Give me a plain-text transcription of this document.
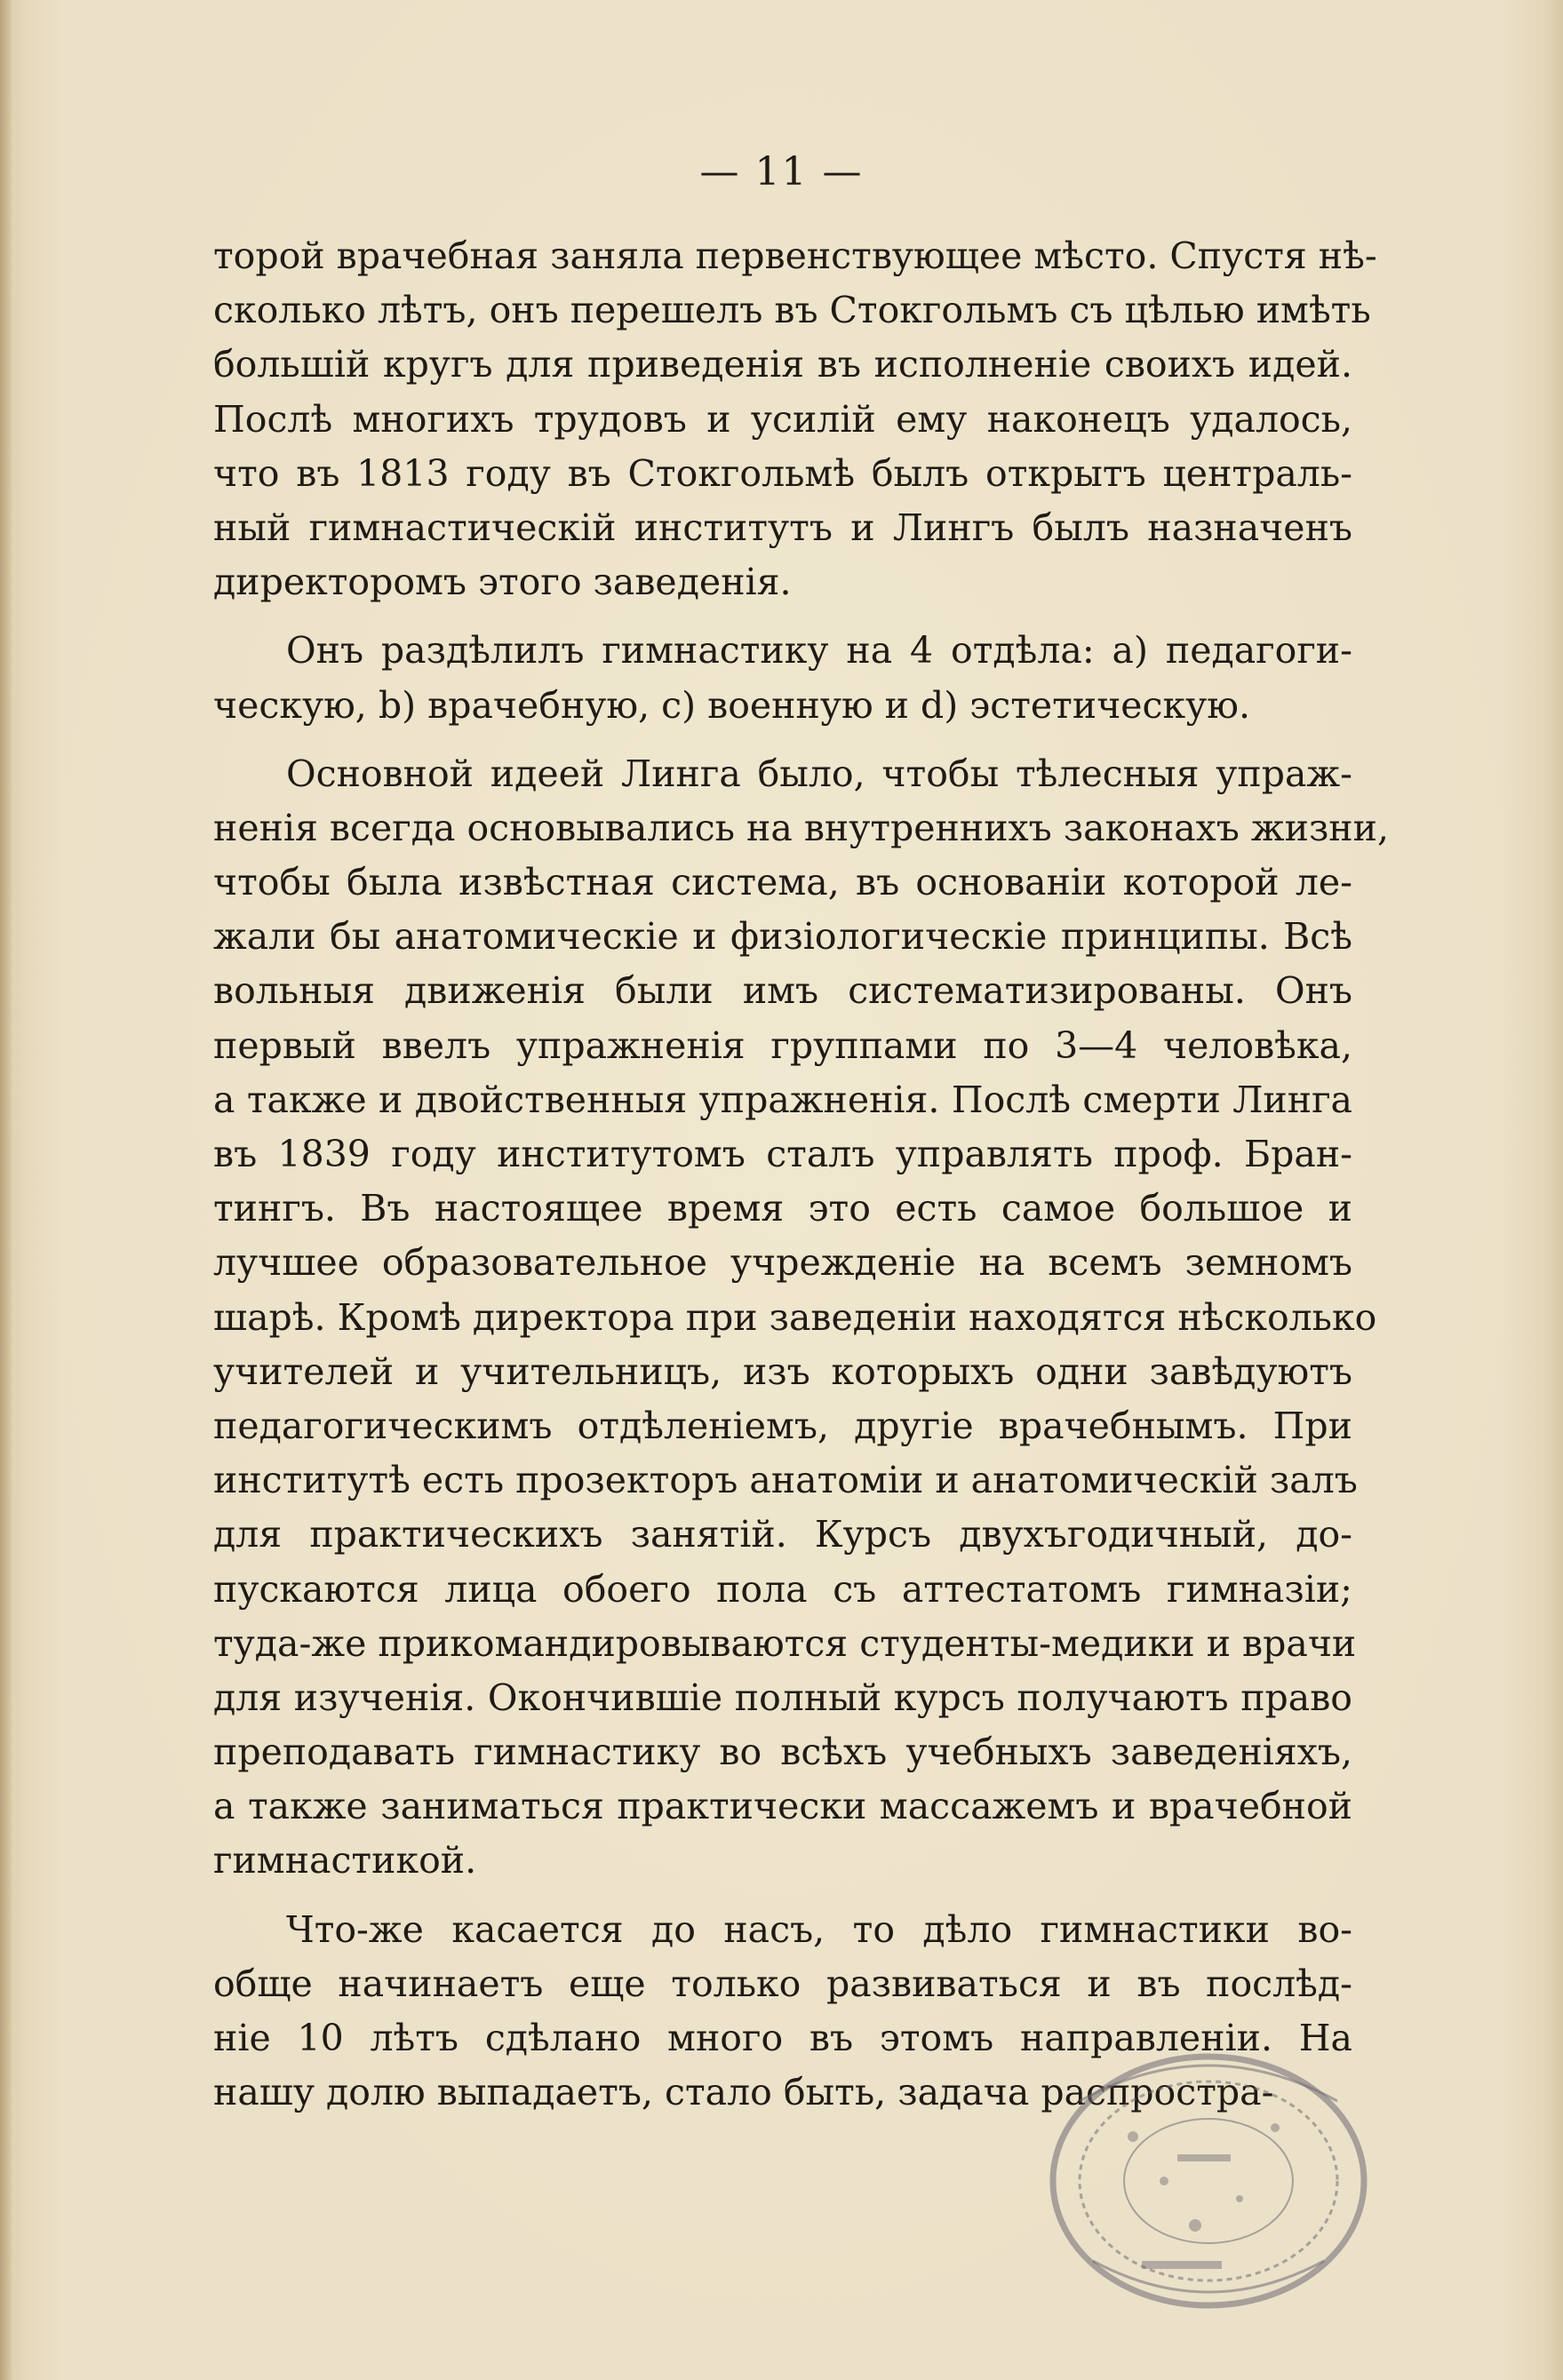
— 11 —

торой врачебная заняла первенствующее мѣсто. Спустя нѣ-
сколько лѣтъ, онъ перешелъ въ Стокгольмъ съ цѣлью имѣть
большiй кругъ для приведенiя въ исполненiе своихъ идей.
Послѣ многихъ трудовъ и усилiй ему наконецъ удалось,
что въ 1813 году въ Стокгольмѣ былъ открытъ централь-
ный гимнастическiй институтъ и Лингъ былъ назначенъ
директоромъ этого заведенiя.

Онъ раздѣлилъ гимнастику на 4 отдѣла: a) педагоги-
ческую, b) врачебную, c) военную и d) эстетическую.

Основной идеей Линга было, чтобы тѣлесныя упраж-
ненiя всегда основывались на внутреннихъ законахъ жизни,
чтобы была извѣстная система, въ основанiи которой ле-
жали бы анатомическiе и физiологическiе принципы. Всѣ
вольныя движенiя были имъ систематизированы. Онъ
первый ввелъ упражненiя группами по 3—4 человѣка,
а также и двойственныя упражненiя. Послѣ смерти Линга
въ 1839 году институтомъ сталъ управлять проф. Бран-
тингъ. Въ настоящее время это есть самое большое и
лучшее образовательное учрежденiе на всемъ земномъ
шарѣ. Кромѣ директора при заведенiи находятся нѣсколько
учителей и учительницъ, изъ которыхъ одни завѣдуютъ
педагогическимъ отдѣленiемъ, другiе врачебнымъ. При
институтѣ есть прозекторъ анатомiи и анатомическiй залъ
для практическихъ занятiй. Курсъ двухъгодичный, до-
пускаются лица обоего пола съ аттестатомъ гимназiи;
туда-же прикомандировываются студенты-медики и врачи
для изученiя. Окончившiе полный курсъ получаютъ право
преподавать гимнастику во всѣхъ учебныхъ заведенiяхъ,
а также заниматься практически массажемъ и врачебной
гимнастикой.

Что-же касается до насъ, то дѣло гимнастики во-
обще начинаетъ еще только развиваться и въ послѣд-
нiе 10 лѣтъ сдѣлано много въ этомъ направленiи. На
нашу долю выпадаетъ, стало быть, задача распростра-
